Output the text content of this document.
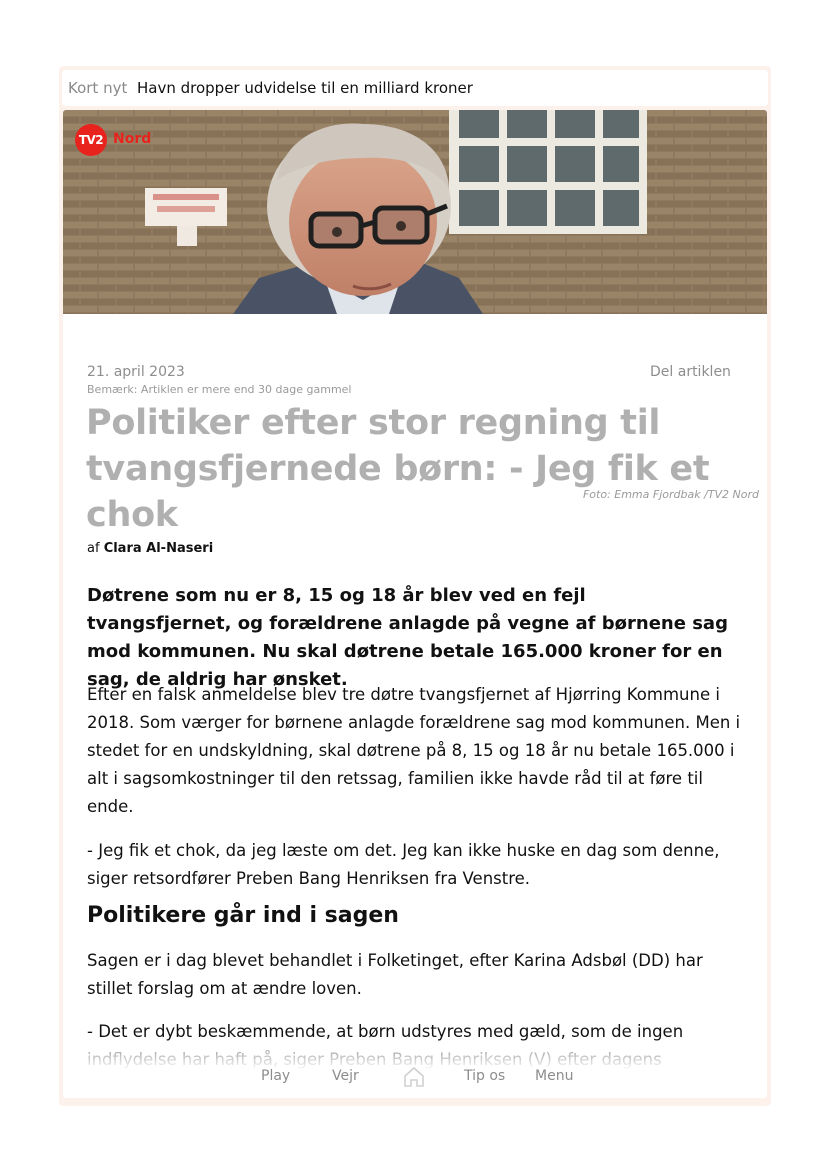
Kort nyt Havn dropper udvidelse til en milliard kroner
TV2 Nord
21. april 2023
Bemærk: Artiklen er mere end 30 dage gammel
Del artiklen
Politiker efter stor regning til tvangsfjernede børn: - Jeg fik et chok
Foto: Emma Fjordbak /TV2 Nord
af Clara Al-Naseri

Døtrene som nu er 8, 15 og 18 år blev ved en fejl tvangsfjernet, og forældrene anlagde på vegne af børnene sag mod kommunen. Nu skal døtrene betale 165.000 kroner for en sag, de aldrig har ønsket.

Efter en falsk anmeldelse blev tre døtre tvangsfjernet af Hjørring Kommune i 2018. Som værger for børnene anlagde forældrene sag mod kommunen. Men i stedet for en undskyldning, skal døtrene på 8, 15 og 18 år nu betale 165.000 i alt i sagsomkostninger til den retssag, familien ikke havde råd til at føre til ende.

- Jeg fik et chok, da jeg læste om det. Jeg kan ikke huske en dag som denne, siger retsordfører Preben Bang Henriksen fra Venstre.

Politikere går ind i sagen

Sagen er i dag blevet behandlet i Folketinget, efter Karina Adsbøl (DD) har stillet forslag om at ændre loven.

- Det er dybt beskæmmende, at børn udstyres med gæld, som de ingen

Play	Vejr	Tip os Menu
